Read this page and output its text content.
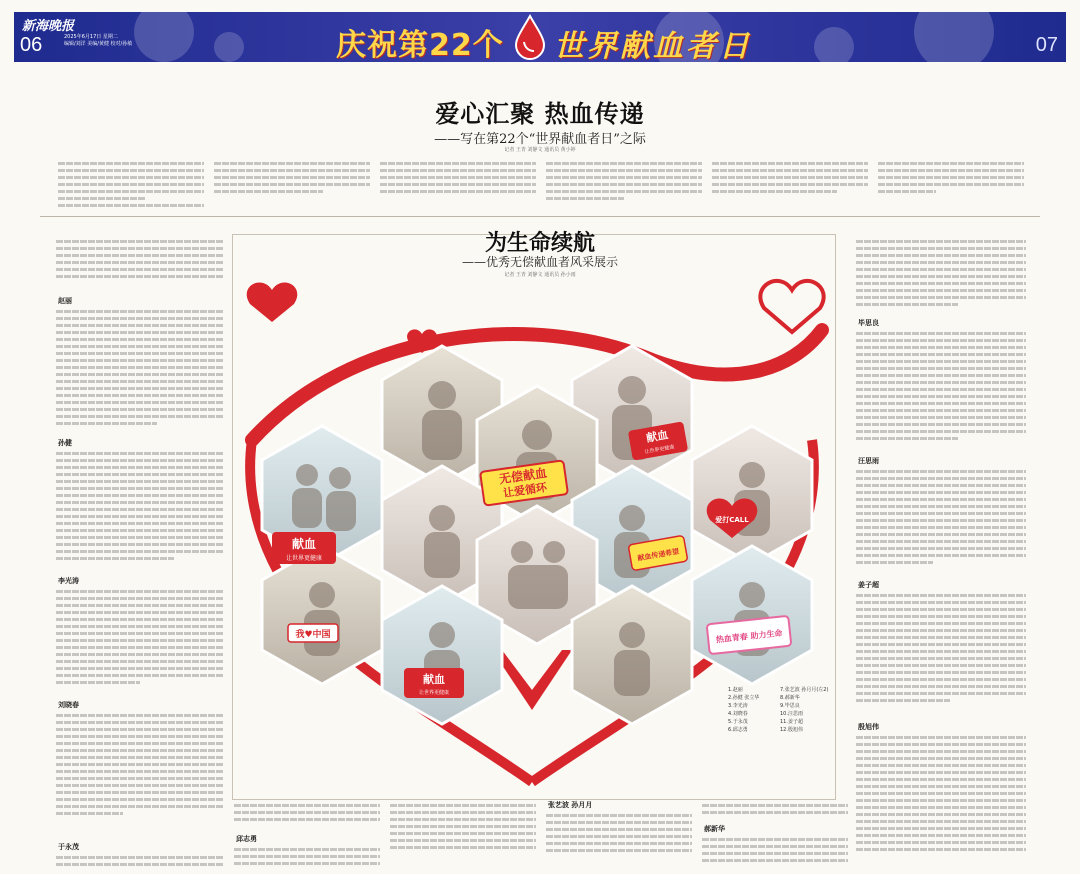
新海晚报
06	2025年6月17日 星期二
编辑/刘洋 美编/黄健 校对/孙敏	庆祝第22个 世界献血者日	07
爱心汇聚 热血传递
——写在第22个“世界献血者日”之际
记者 王青 刘静文 通讯员 黄小婷
为生命续航
——优秀无偿献血者风采展示
记者 王青 刘静文 通讯员 孙小雨
赵丽
孙健
李光涛
刘晓春
于永茂
毕思良
汪思雨
姜子超
殷旭伟
献血
让世界更健康
无偿献血
让爱循环
献血
让世界更健康
爱打CALL
我♥中国
献血传递希望
热血青春 助力生命
献血
让世界更健康	1.赵丽
2.孙健 张立华
3.李光涛
4.刘晓春
5.于永茂
6.邱志勇
7.张艺波 孙月月(左2)
8.郝新华
9.毕思良
10.汪思雨
11.姜子超
12.殷旭伟
邱志勇
张艺波 孙月月
郝新华
